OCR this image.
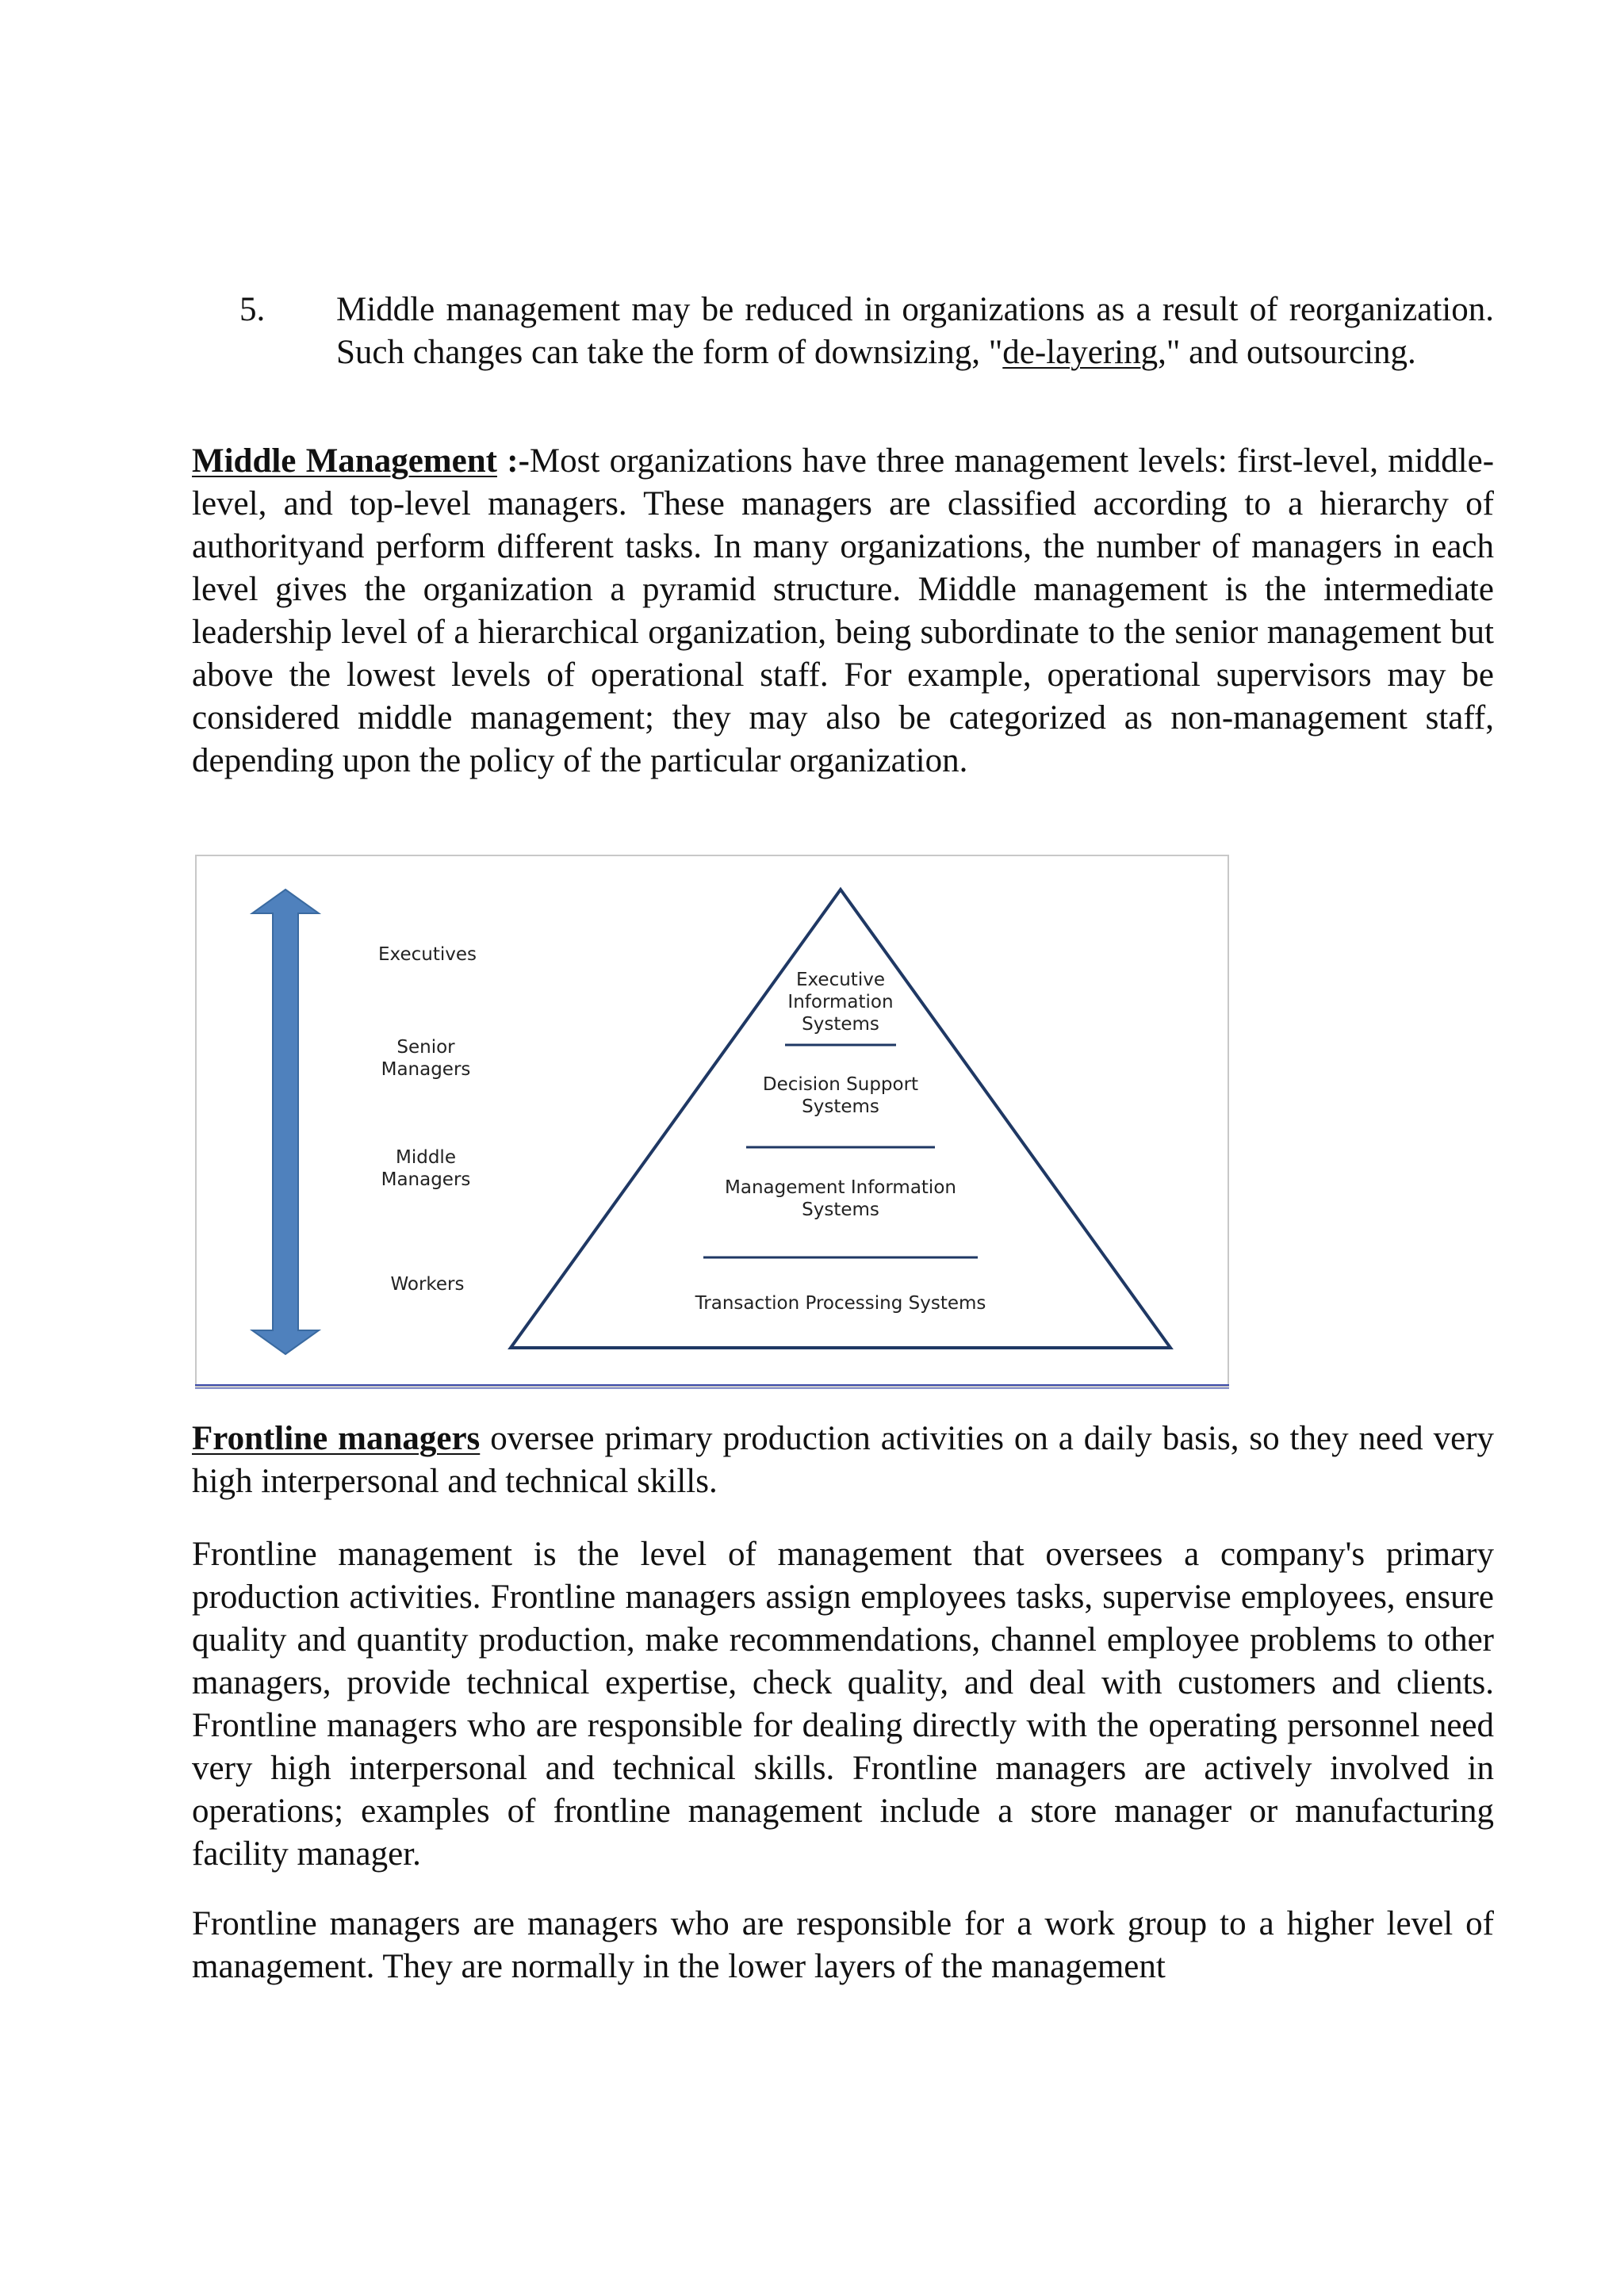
5. Middle management may be reduced in organizations as a result of reorganization. Such changes can take the form of downsizing, "de-layering," and outsourcing.

Middle Management :-Most organizations have three management levels: first-level, middle-level, and top-level managers. These managers are classified according to a hierarchy of authorityand perform different tasks. In many organizations, the number of managers in each level gives the organization a pyramid structure. Middle management is the intermediate leadership level of a hierarchical organization, being subordinate to the senior management but above the lowest levels of operational staff. For example, operational supervisors may be considered middle management; they may also be categorized as non-management staff, depending upon the policy of the particular organization.

Executives
Senior
Managers
Middle
Managers
Workers
Executive
Information
Systems
Decision Support
Systems
Management Information
Systems
Transaction Processing Systems

Frontline managers oversee primary production activities on a daily basis, so they need very high interpersonal and technical skills.

Frontline management is the level of management that oversees a company's primary production activities. Frontline managers assign employees tasks, supervise employees, ensure quality and quantity production, make recommendations, channel employee problems to other managers, provide technical expertise, check quality, and deal with customers and clients. Frontline managers who are responsible for dealing directly with the operating personnel need very high interpersonal and technical skills. Frontline managers are actively involved in operations; examples of frontline management include a store manager or manufacturing facility manager.

Frontline managers are managers who are responsible for a work group to a higher level of management. They are normally in the lower layers of the management
